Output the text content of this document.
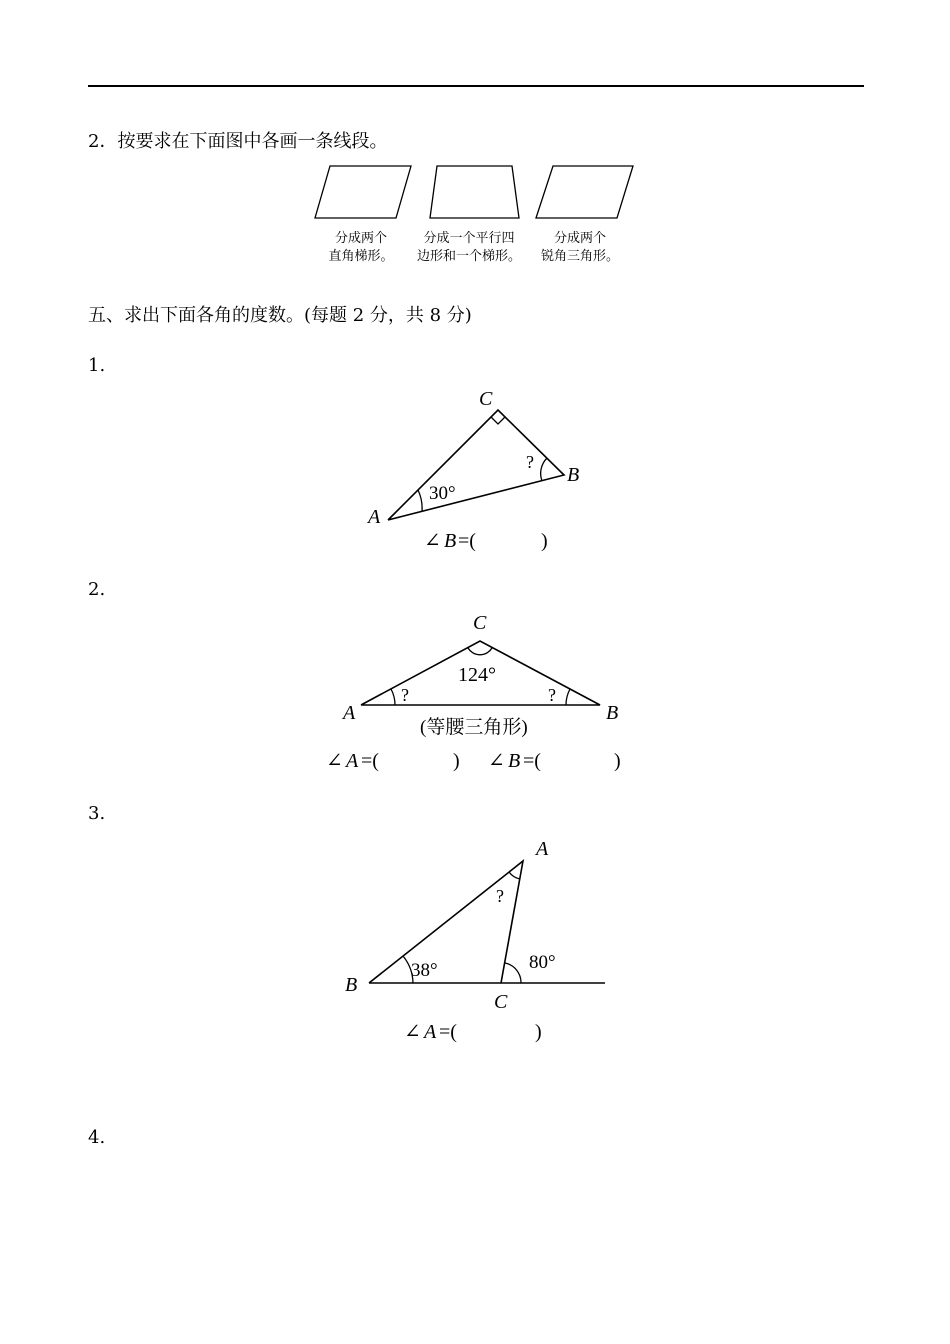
2．按要求在下面图中各画一条线段。
分成两个
直角梯形。
分成一个平行四
边形和一个梯形。
分成两个
锐角三角形。
五、求出下面各角的度数。(每题 2 分，共 8 分)
1.
C
B
A
30°
?
∠ B =(	)
2.
C
A	B
124°
?	?
(等腰三角形)
∠ A =(	) ∠ B =(	)
3.
A
B
C
38°	80°
?
∠ A =(	)
4.
